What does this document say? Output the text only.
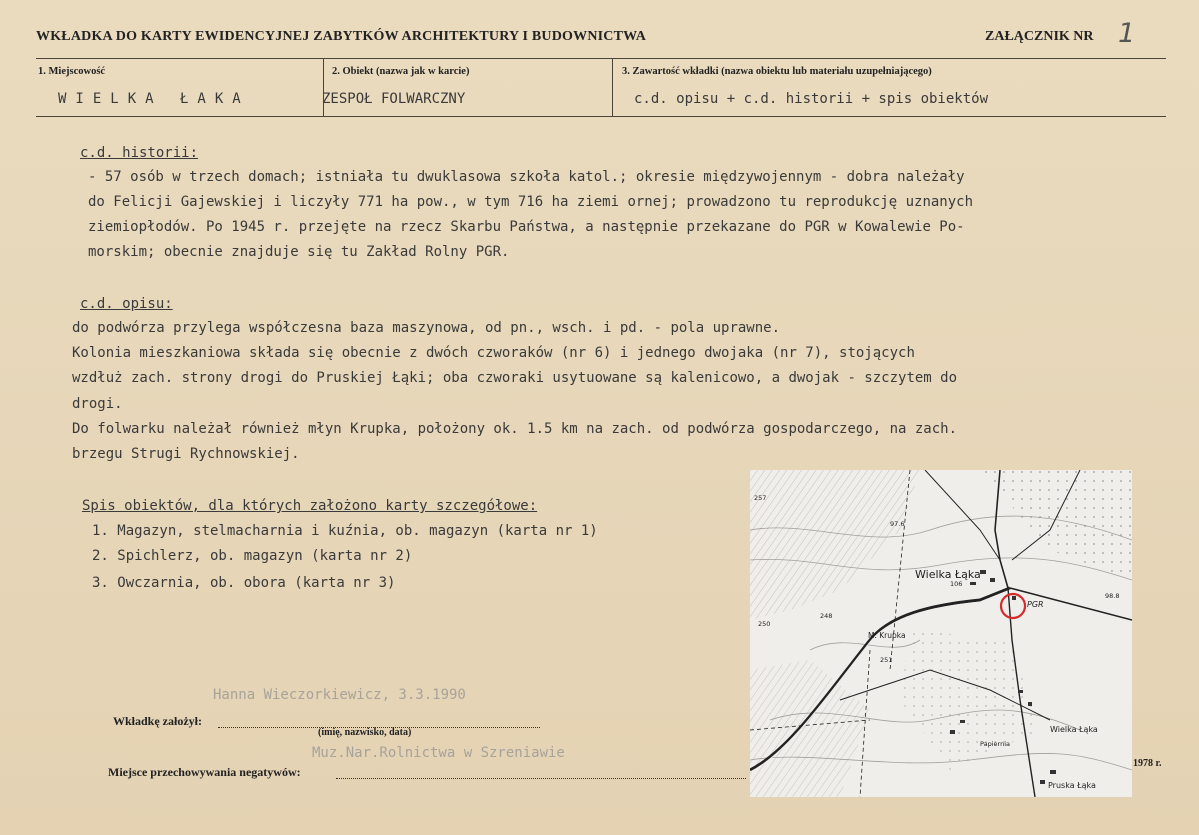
WKŁADKA DO KARTY EWIDENCYJNEJ ZABYTKÓW ARCHITEKTURY I BUDOWNICTWA	ZAŁĄCZNIK NR 1
1. Miejscowość
WIELKA ŁAKA
2. Obiekt (nazwa jak w karcie)
ZESPOŁ FOLWARCZNY
3. Zawartość wkładki (nazwa obiektu lub materiału uzupełniającego)
c.d. opisu + c.d. historii + spis obiektów
c.d. historii:
- 57 osób w trzech domach; istniała tu dwuklasowa szkoła katol.; okresie międzywojennym - dobra należały
do Felicji Gajewskiej i liczyły 771 ha pow., w tym 716 ha ziemi ornej; prowadzono tu reprodukcję uznanych
ziemiopłodów. Po 1945 r. przejęte na rzecz Skarbu Państwa, a następnie przekazane do PGR w Kowalewie Po-
morskim; obecnie znajduje się tu Zakład Rolny PGR.
c.d. opisu:
do podwórza przylega współczesna baza maszynowa, od pn., wsch. i pd. - pola uprawne.
Kolonia mieszkaniowa składa się obecnie z dwóch czworaków (nr 6) i jednego dwojaka (nr 7), stojących
wzdłuż zach. strony drogi do Pruskiej Łąki; oba czworaki usytuowane są kalenicowo, a dwojak - szczytem do
drogi.
Do folwarku należał również młyn Krupka, położony ok. 1.5 km na zach. od podwórza gospodarczego, na zach.
brzegu Strugi Rychnowskiej.
Spis obiektów, dla których założono karty szczegółowe:
1. Magazyn, stelmacharnia i kuźnia, ob. magazyn (karta nr 1)
2. Spichlerz, ob. magazyn (karta nr 2)
3. Owczarnia, ob. obora (karta nr 3)
Hanna Wieczorkiewicz, 3.3.1990
Wkładkę założył:
(imię, nazwisko, data)
Muz.Nar.Rolnictwa w Szreniawie
Miejsce przechowywania negatywów:
Wielka Łąka
PGR
M. Krupka
Wielka Łąka
Pruska Łąka
Papiernia
251
248
250
257
98.8
106
97.6
1978 r.
